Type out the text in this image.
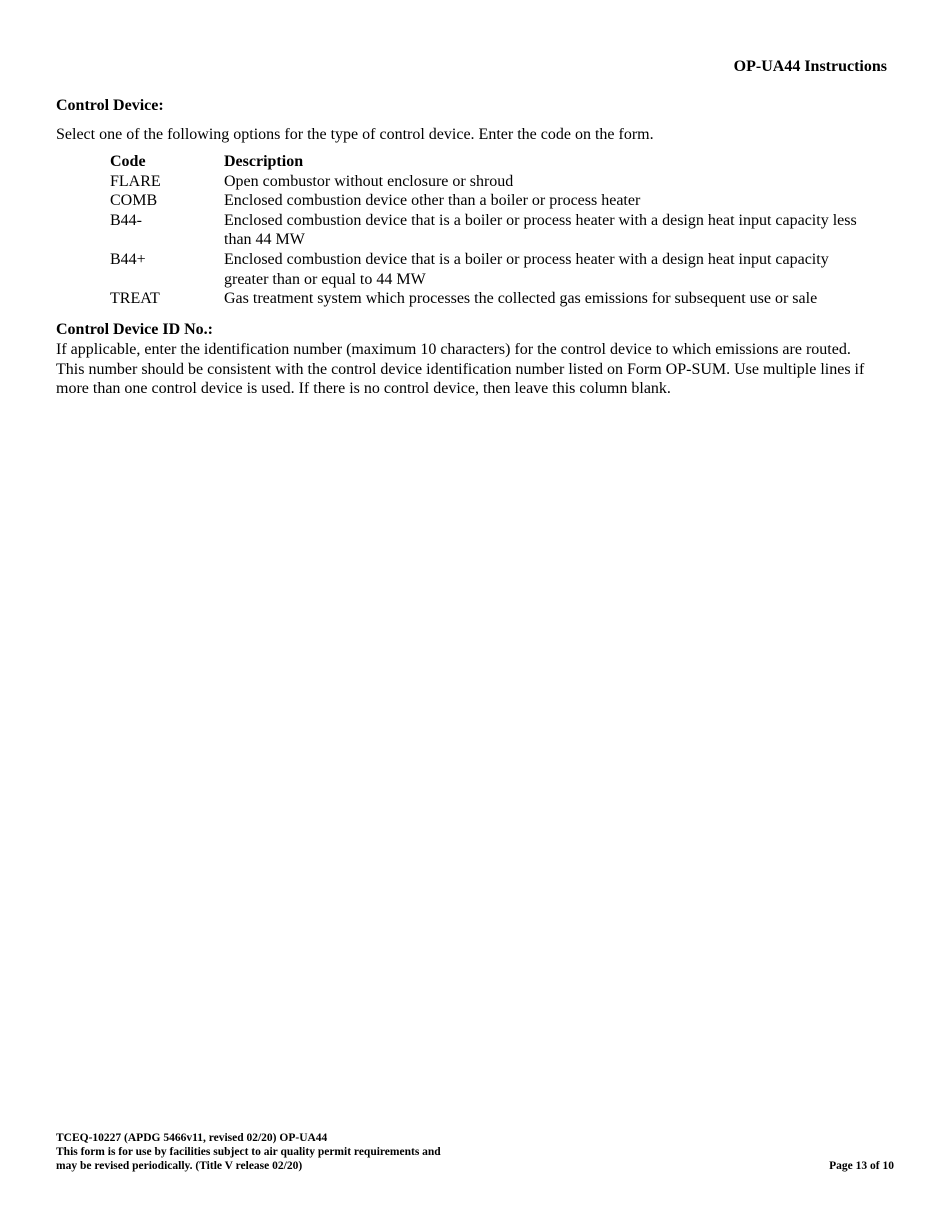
OP-UA44 Instructions
Control Device:
Select one of the following options for the type of control device. Enter the code on the form.
Code	Description
FLARE	Open combustor without enclosure or shroud
COMB	Enclosed combustion device other than a boiler or process heater
B44-	Enclosed combustion device that is a boiler or process heater with a design heat input capacity less than 44 MW
B44+	Enclosed combustion device that is a boiler or process heater with a design heat input capacity greater than or equal to 44 MW
TREAT	Gas treatment system which processes the collected gas emissions for subsequent use or sale
Control Device ID No.:
If applicable, enter the identification number (maximum 10 characters) for the control device to which emissions are routed. This number should be consistent with the control device identification number listed on Form OP-SUM. Use multiple lines if more than one control device is used. If there is no control device, then leave this column blank.
TCEQ-10227 (APDG 5466v11, revised 02/20) OP-UA44
This form is for use by facilities subject to air quality permit requirements and
may be revised periodically. (Title V release 02/20)	Page 13 of 10
